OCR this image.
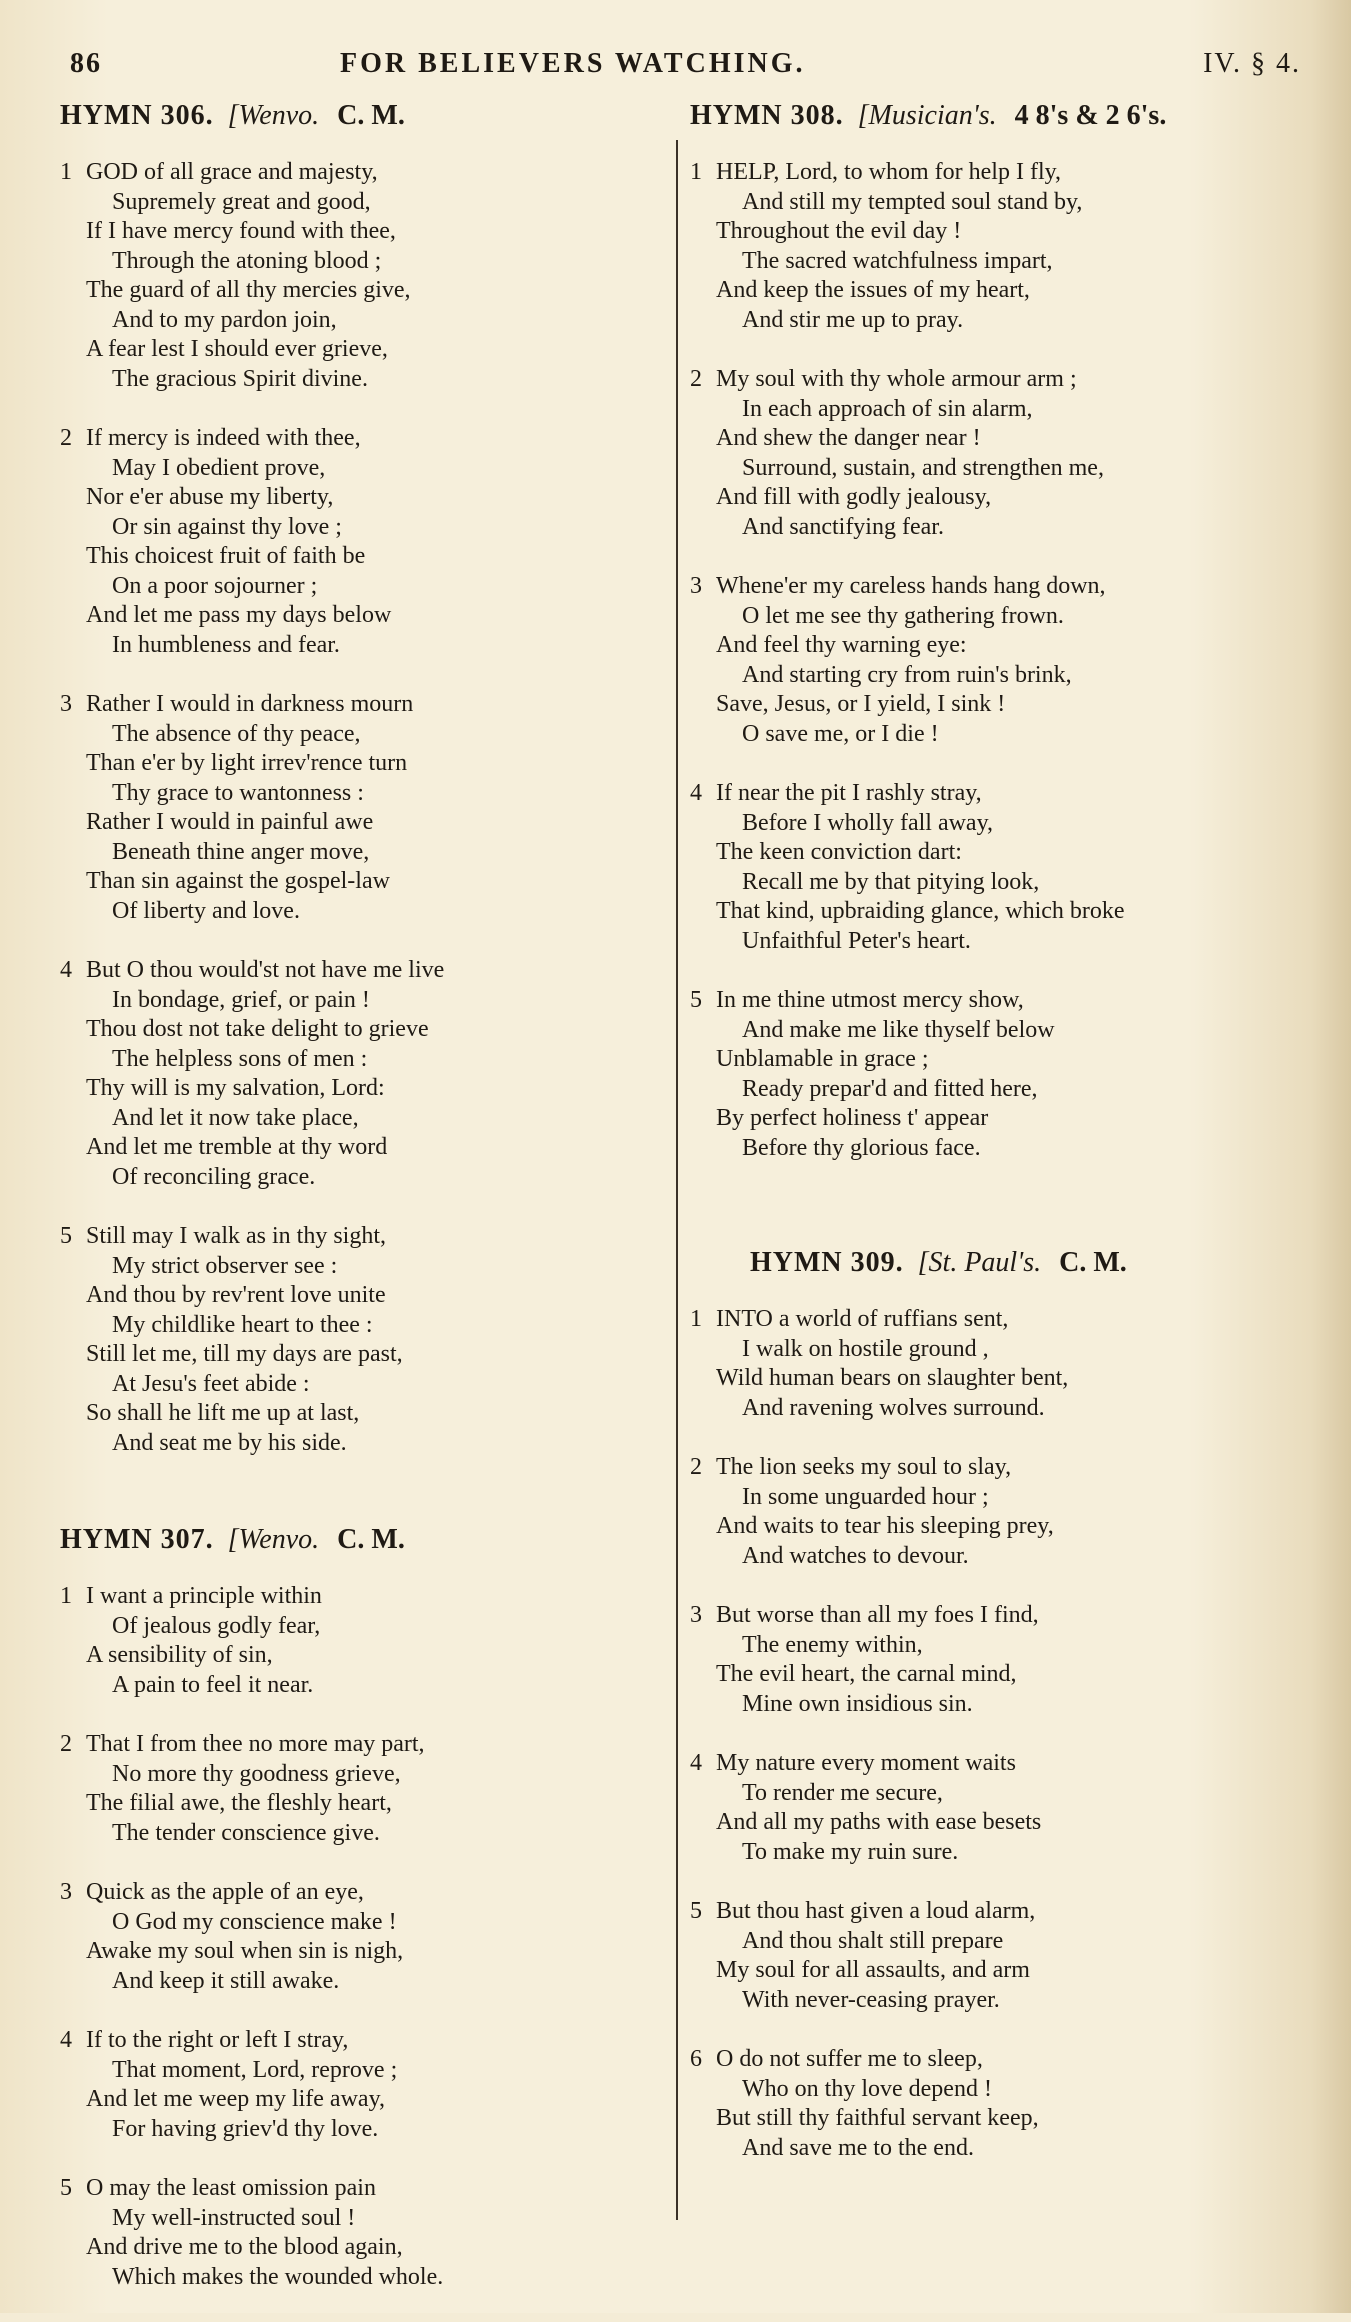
86	FOR BELIEVERS WATCHING.	IV. § 4.
HYMN 306. [Wenvo. C. M.
1 GOD of all grace and majesty,
Supremely great and good,
If I have mercy found with thee,
Through the atoning blood ;
The guard of all thy mercies give,
And to my pardon join,
A fear lest I should ever grieve,
The gracious Spirit divine.
2 If mercy is indeed with thee,
May I obedient prove,
Nor e'er abuse my liberty,
Or sin against thy love ;
This choicest fruit of faith be
On a poor sojourner ;
And let me pass my days below
In humbleness and fear.
3 Rather I would in darkness mourn
The absence of thy peace,
Than e'er by light irrev'rence turn
Thy grace to wantonness :
Rather I would in painful awe
Beneath thine anger move,
Than sin against the gospel-law
Of liberty and love.
4 But O thou would'st not have me live
In bondage, grief, or pain !
Thou dost not take delight to grieve
The helpless sons of men :
Thy will is my salvation, Lord:
And let it now take place,
And let me tremble at thy word
Of reconciling grace.
5 Still may I walk as in thy sight,
My strict observer see :
And thou by rev'rent love unite
My childlike heart to thee :
Still let me, till my days are past,
At Jesu's feet abide :
So shall he lift me up at last,
And seat me by his side.
HYMN 307. [Wenvo. C. M.
1 I want a principle within
Of jealous godly fear,
A sensibility of sin,
A pain to feel it near.
2 That I from thee no more may part,
No more thy goodness grieve,
The filial awe, the fleshly heart,
The tender conscience give.
3 Quick as the apple of an eye,
O God my conscience make !
Awake my soul when sin is nigh,
And keep it still awake.
4 If to the right or left I stray,
That moment, Lord, reprove ;
And let me weep my life away,
For having griev'd thy love.
5 O may the least omission pain
My well-instructed soul !
And drive me to the blood again,
Which makes the wounded whole.
HYMN 308. [Musician's. 4 8's & 2 6's.
1 HELP, Lord, to whom for help I fly,
And still my tempted soul stand by,
Throughout the evil day !
The sacred watchfulness impart,
And keep the issues of my heart,
And stir me up to pray.
2 My soul with thy whole armour arm ;
In each approach of sin alarm,
And shew the danger near !
Surround, sustain, and strengthen me,
And fill with godly jealousy,
And sanctifying fear.
3 Whene'er my careless hands hang down,
O let me see thy gathering frown.
And feel thy warning eye:
And starting cry from ruin's brink,
Save, Jesus, or I yield, I sink !
O save me, or I die !
4 If near the pit I rashly stray,
Before I wholly fall away,
The keen conviction dart:
Recall me by that pitying look,
That kind, upbraiding glance, which broke
Unfaithful Peter's heart.
5 In me thine utmost mercy show,
And make me like thyself below
Unblamable in grace ;
Ready prepar'd and fitted here,
By perfect holiness t' appear
Before thy glorious face.
HYMN 309. [St. Paul's. C. M.
1 INTO a world of ruffians sent,
I walk on hostile ground ,
Wild human bears on slaughter bent,
And ravening wolves surround.
2 The lion seeks my soul to slay,
In some unguarded hour ;
And waits to tear his sleeping prey,
And watches to devour.
3 But worse than all my foes I find,
The enemy within,
The evil heart, the carnal mind,
Mine own insidious sin.
4 My nature every moment waits
To render me secure,
And all my paths with ease besets
To make my ruin sure.
5 But thou hast given a loud alarm,
And thou shalt still prepare
My soul for all assaults, and arm
With never-ceasing prayer.
6 O do not suffer me to sleep,
Who on thy love depend !
But still thy faithful servant keep,
And save me to the end.
